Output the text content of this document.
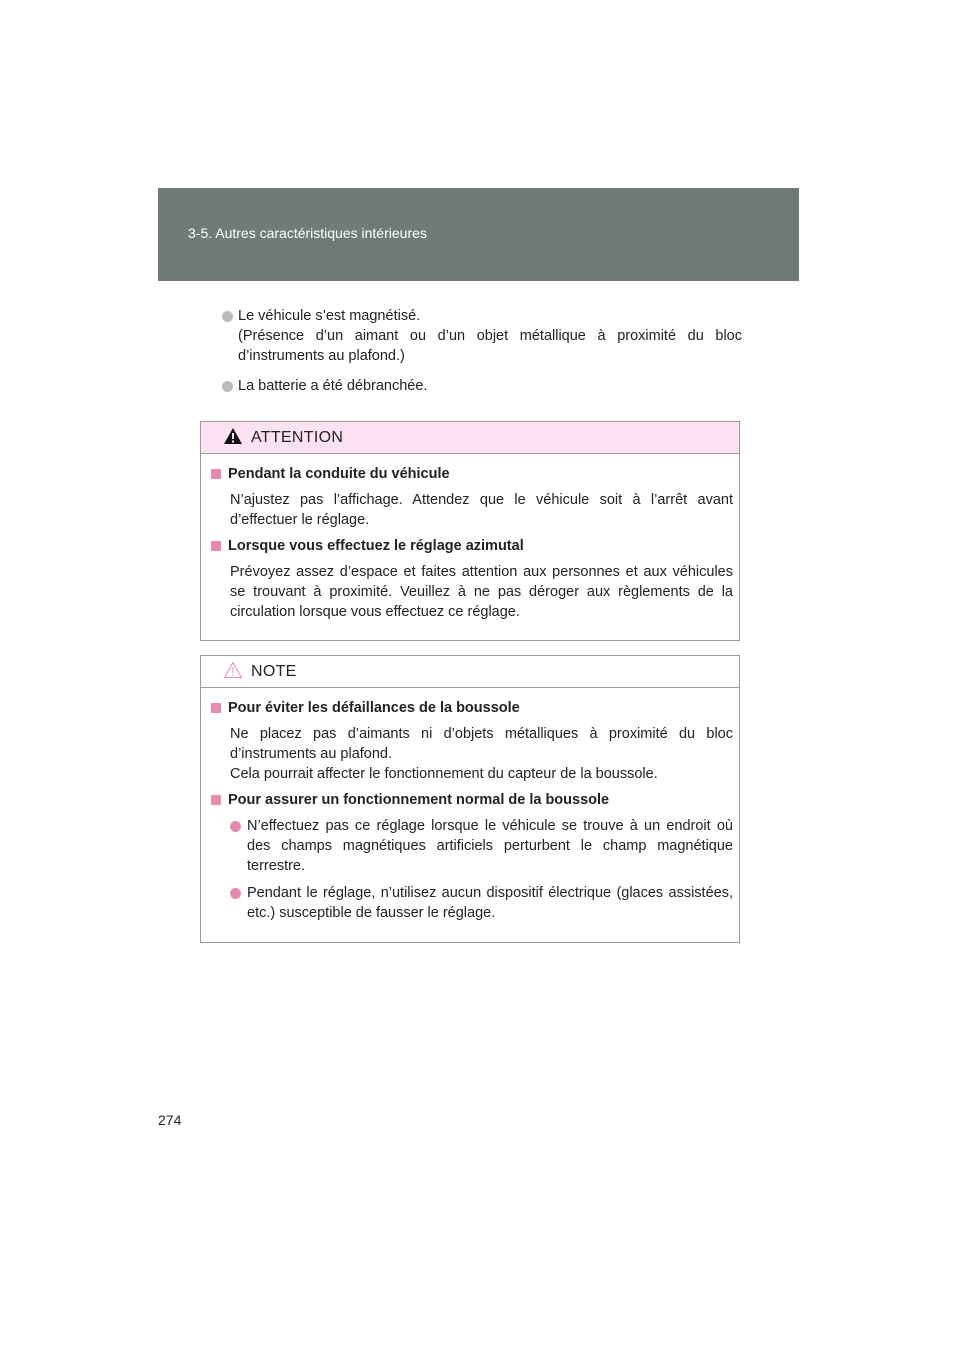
3-5. Autres caractéristiques intérieures
Le véhicule s’est magnétisé.
(Présence d’un aimant ou d’un objet métallique à proximité du bloc d’instruments au plafond.)
La batterie a été débranchée.
ATTENTION
Pendant la conduite du véhicule
N’ajustez pas l’affichage. Attendez que le véhicule soit à l’arrêt avant d’effectuer le réglage.
Lorsque vous effectuez le réglage azimutal
Prévoyez assez d’espace et faites attention aux personnes et aux véhicules se trouvant à proximité. Veuillez à ne pas déroger aux règlements de la circulation lorsque vous effectuez ce réglage.
NOTE
Pour éviter les défaillances de la boussole
Ne placez pas d’aimants ni d’objets métalliques à proximité du bloc d’instruments au plafond.
Cela pourrait affecter le fonctionnement du capteur de la boussole.
Pour assurer un fonctionnement normal de la boussole
N’effectuez pas ce réglage lorsque le véhicule se trouve à un endroit où des champs magnétiques artificiels perturbent le champ magnétique terrestre.
Pendant le réglage, n’utilisez aucun dispositif électrique (glaces assistées, etc.) susceptible de fausser le réglage.
274
